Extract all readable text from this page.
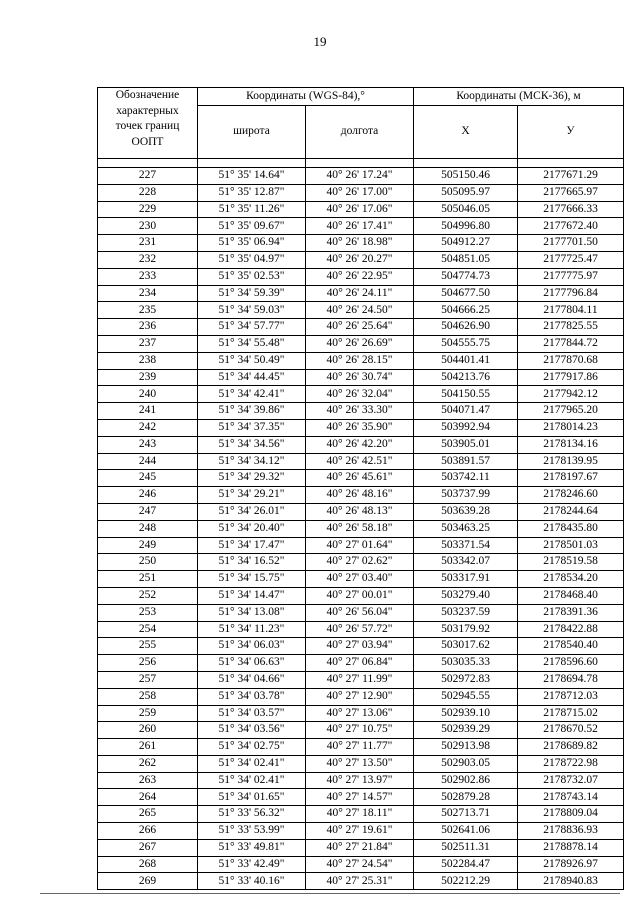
19
Обозначение характерных точек границ ООПТ	Координаты (WGS-84),°		Координаты (МСК-36), м	
	широта	долгота	Х	У

227	51° 35' 14.64"	40° 26' 17.24"	505150.46	2177671.29
228	51° 35' 12.87"	40° 26' 17.00"	505095.97	2177665.97
229	51° 35' 11.26"	40° 26' 17.06"	505046.05	2177666.33
230	51° 35' 09.67"	40° 26' 17.41"	504996.80	2177672.40
231	51° 35' 06.94"	40° 26' 18.98"	504912.27	2177701.50
232	51° 35' 04.97"	40° 26' 20.27"	504851.05	2177725.47
233	51° 35' 02.53"	40° 26' 22.95"	504774.73	2177775.97
234	51° 34' 59.39"	40° 26' 24.11"	504677.50	2177796.84
235	51° 34' 59.03"	40° 26' 24.50"	504666.25	2177804.11
236	51° 34' 57.77"	40° 26' 25.64"	504626.90	2177825.55
237	51° 34' 55.48"	40° 26' 26.69"	504555.75	2177844.72
238	51° 34' 50.49"	40° 26' 28.15"	504401.41	2177870.68
239	51° 34' 44.45"	40° 26' 30.74"	504213.76	2177917.86
240	51° 34' 42.41"	40° 26' 32.04"	504150.55	2177942.12
241	51° 34' 39.86"	40° 26' 33.30"	504071.47	2177965.20
242	51° 34' 37.35"	40° 26' 35.90"	503992.94	2178014.23
243	51° 34' 34.56"	40° 26' 42.20"	503905.01	2178134.16
244	51° 34' 34.12"	40° 26' 42.51"	503891.57	2178139.95
245	51° 34' 29.32"	40° 26' 45.61"	503742.11	2178197.67
246	51° 34' 29.21"	40° 26' 48.16"	503737.99	2178246.60
247	51° 34' 26.01"	40° 26' 48.13"	503639.28	2178244.64
248	51° 34' 20.40"	40° 26' 58.18"	503463.25	2178435.80
249	51° 34' 17.47"	40° 27' 01.64"	503371.54	2178501.03
250	51° 34' 16.52"	40° 27' 02.62"	503342.07	2178519.58
251	51° 34' 15.75"	40° 27' 03.40"	503317.91	2178534.20
252	51° 34' 14.47"	40° 27' 00.01"	503279.40	2178468.40
253	51° 34' 13.08"	40° 26' 56.04"	503237.59	2178391.36
254	51° 34' 11.23"	40° 26' 57.72"	503179.92	2178422.88
255	51° 34' 06.03"	40° 27' 03.94"	503017.62	2178540.40
256	51° 34' 06.63"	40° 27' 06.84"	503035.33	2178596.60
257	51° 34' 04.66"	40° 27' 11.99"	502972.83	2178694.78
258	51° 34' 03.78"	40° 27' 12.90"	502945.55	2178712.03
259	51° 34' 03.57"	40° 27' 13.06"	502939.10	2178715.02
260	51° 34' 03.56"	40° 27' 10.75"	502939.29	2178670.52
261	51° 34' 02.75"	40° 27' 11.77"	502913.98	2178689.82
262	51° 34' 02.41"	40° 27' 13.50"	502903.05	2178722.98
263	51° 34' 02.41"	40° 27' 13.97"	502902.86	2178732.07
264	51° 34' 01.65"	40° 27' 14.57"	502879.28	2178743.14
265	51° 33' 56.32"	40° 27' 18.11"	502713.71	2178809.04
266	51° 33' 53.99"	40° 27' 19.61"	502641.06	2178836.93
267	51° 33' 49.81"	40° 27' 21.84"	502511.31	2178878.14
268	51° 33' 42.49"	40° 27' 24.54"	502284.47	2178926.97
269	51° 33' 40.16"	40° 27' 25.31"	502212.29	2178940.83
